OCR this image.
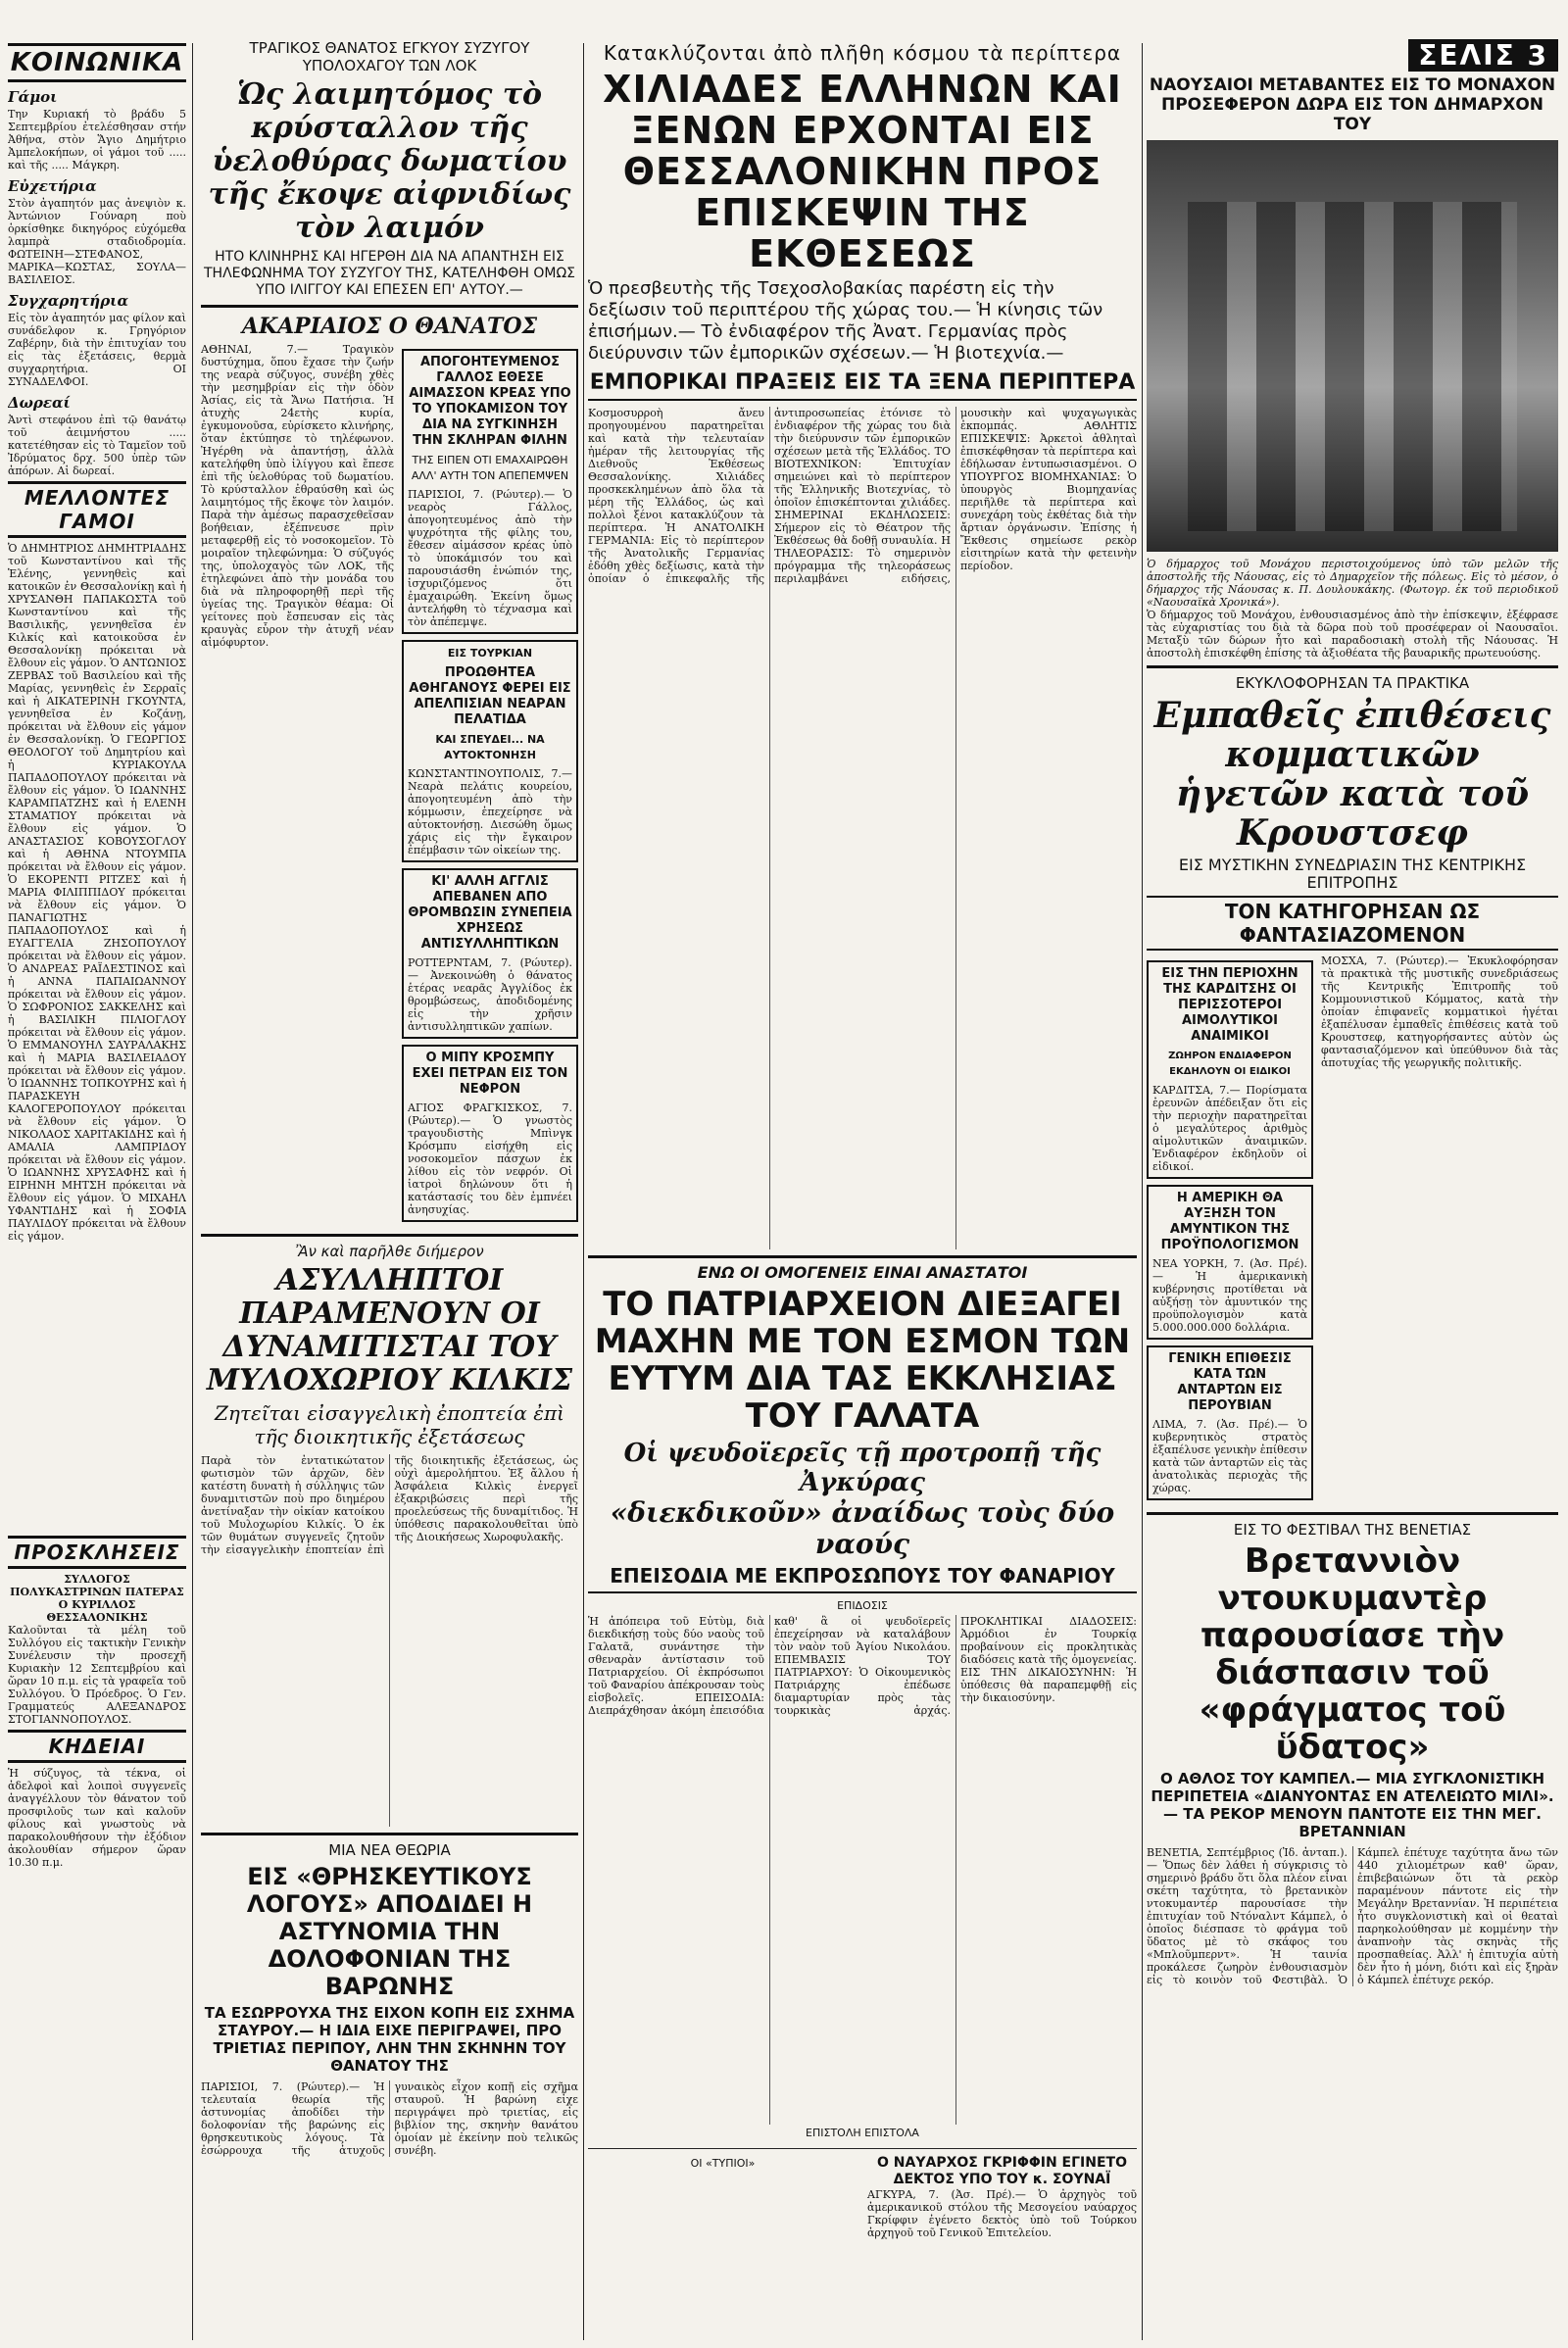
ΚΟΙΝΩΝΙΚΑ
Γάμοι

Την Κυριακή τὸ βράδυ 5 Σεπτεμβρίου ἐτελέσθησαν στήν Ἀθήνα, στὸν Ἅγιο Δημήτριο Ἀμπελοκήπων, οἱ γάμοι τοῦ ..... καὶ τῆς ..... Μάγκρη.

Εὐχετήρια

Στὸν ἀγαπητόν μας ἀνεψιὸν κ. Ἀντώνιον Γούναρη ποὺ ὁρκίσθηκε δικηγόρος εὐχόμεθα λαμπρὰ σταδιοδρομία. ΦΩΤΕΙΝΗ—ΣΤΕΦΑΝΟΣ, ΜΑΡΙΚΑ—ΚΩΣΤΑΣ, ΣΟΥΛΑ—ΒΑΣΙΛΕΙΟΣ.

Συγχαρητήρια

Εἰς τὸν ἀγαπητόν μας φίλον καὶ συνάδελφον κ. Γρηγόριον Ζαβέρην, διὰ τὴν ἐπιτυχίαν του εἰς τὰς ἐξετάσεις, θερμὰ συγχαρητήρια. ΟΙ ΣΥΝΑΔΕΛΦΟΙ.

Δωρεαί

Ἀντὶ στεφάνου ἐπὶ τῷ θανάτῳ τοῦ ἀειμνήστου ..... κατετέθησαν εἰς τὸ Ταμεῖον τοῦ Ἰδρύματος δρχ. 500 ὑπὲρ τῶν ἀπόρων. Αἱ δωρεαί.

ΜΕΛΛΟΝΤΕΣ ΓΑΜΟΙ

Ὁ ΔΗΜΗΤΡΙΟΣ ΔΗΜΗΤΡΙΑΔΗΣ τοῦ Κωνσταντίνου καὶ τῆς Ἑλένης, γεννηθεὶς καὶ κατοικῶν ἐν Θεσσαλονίκῃ καὶ ἡ ΧΡΥΣΑΝΘΗ ΠΑΠΑΚΩΣΤΑ τοῦ Κωνσταντίνου καὶ τῆς Βασιλικῆς, γεννηθεῖσα ἐν Κιλκίς καὶ κατοικοῦσα ἐν Θεσσαλονίκῃ πρόκειται νὰ ἔλθουν εἰς γάμον. Ὁ ΑΝΤΩΝΙΟΣ ΖΕΡΒΑΣ τοῦ Βασιλείου καὶ τῆς Μαρίας, γεννηθεὶς ἐν Σερραῖς καὶ ἡ ΑΙΚΑΤΕΡΙΝΗ ΓΚΟΥΝΤΑ, γεννηθεῖσα ἐν Κοζάνῃ, πρόκειται νὰ ἔλθουν εἰς γάμον ἐν Θεσσαλονίκῃ. Ὁ ΓΕΩΡΓΙΟΣ ΘΕΟΛΟΓΟΥ τοῦ Δημητρίου καὶ ἡ ΚΥΡΙΑΚΟΥΛΑ ΠΑΠΑΔΟΠΟΥΛΟΥ πρόκειται νὰ ἔλθουν εἰς γάμον. Ὁ ΙΩΑΝΝΗΣ ΚΑΡΑΜΠΑΤΖΗΣ καὶ ἡ ΕΛΕΝΗ ΣΤΑΜΑΤΙΟΥ πρόκειται νὰ ἔλθουν εἰς γάμον. Ὁ ΑΝΑΣΤΑΣΙΟΣ ΚΟΒΟΥΣΟΓΛΟΥ καὶ ἡ ΑΘΗΝΑ ΝΤΟΥΜΠΑ πρόκειται νὰ ἔλθουν εἰς γάμον. Ὁ ΕΚΟΡΕΝΤΙ ΡΙΤΖΕΣ καὶ ἡ ΜΑΡΙΑ ΦΙΛΙΠΠΙΔΟΥ πρόκειται νὰ ἔλθουν εἰς γάμον. Ὁ ΠΑΝΑΓΙΩΤΗΣ ΠΑΠΑΔΟΠΟΥΛΟΣ καὶ ἡ ΕΥΑΓΓΕΛΙΑ ΖΗΣΟΠΟΥΛΟΥ πρόκειται νὰ ἔλθουν εἰς γάμον. Ὁ ΑΝΔΡΕΑΣ ΡΑΪΔΕΣΤΙΝΟΣ καὶ ἡ ΑΝΝΑ ΠΑΠΑΙΩΑΝΝΟΥ πρόκειται νὰ ἔλθουν εἰς γάμον. Ὁ ΣΩΦΡΟΝΙΟΣ ΣΑΚΚΕΛΗΣ καὶ ἡ ΒΑΣΙΛΙΚΗ ΠΙΛΙΟΓΛΟΥ πρόκειται νὰ ἔλθουν εἰς γάμον. Ὁ ΕΜΜΑΝΟΥΗΛ ΣΑΥΡΑΛΑΚΗΣ καὶ ἡ ΜΑΡΙΑ ΒΑΣΙΛΕΙΑΔΟΥ πρόκειται νὰ ἔλθουν εἰς γάμον. Ὁ ΙΩΑΝΝΗΣ ΤΟΠΚΟΥΡΗΣ καὶ ἡ ΠΑΡΑΣΚΕΥΗ ΚΑΛΟΓΕΡΟΠΟΥΛΟΥ πρόκειται νὰ ἔλθουν εἰς γάμον. Ὁ ΝΙΚΟΛΑΟΣ ΧΑΡΙΤΑΚΙΔΗΣ καὶ ἡ ΑΜΑΛΙΑ ΛΑΜΠΡΙΔΟΥ πρόκειται νὰ ἔλθουν εἰς γάμον. Ὁ ΙΩΑΝΝΗΣ ΧΡΥΣΑΦΗΣ καὶ ἡ ΕΙΡΗΝΗ ΜΗΤΣΗ πρόκειται νὰ ἔλθουν εἰς γάμον. Ὁ ΜΙΧΑΗΛ ΥΦΑΝΤΙΔΗΣ καὶ ἡ ΣΟΦΙΑ ΠΑΥΛΙΔΟΥ πρόκειται νὰ ἔλθουν εἰς γάμον.

ΠΡΟΣΚΛΗΣΕΙΣ

ΣΥΛΛΟΓΟΣ ΠΟΛΥΚΑΣΤΡΙΝΩΝ ΠΑΤΕΡΑΣ Ο ΚΥΡΙΛΛΟΣ ΘΕΣΣΑΛΟΝΙΚΗΣ

Καλοῦνται τὰ μέλη τοῦ Συλλόγου εἰς τακτικὴν Γενικὴν Συνέλευσιν τὴν προσεχῆ Κυριακὴν 12 Σεπτεμβρίου καὶ ὥραν 10 π.μ. εἰς τὰ γραφεῖα τοῦ Συλλόγου. Ὁ Πρόεδρος. Ὁ Γεν. Γραμματεύς ΑΛΕΞΑΝΔΡΟΣ ΣΤΟΓΙΑΝΝΟΠΟΥΛΟΣ.

ΚΗΔΕΙΑΙ

Ἡ σύζυγος, τὰ τέκνα, οἱ ἀδελφοὶ καὶ λοιποὶ συγγενεῖς ἀναγγέλλουν τὸν θάνατον τοῦ προσφιλοῦς των καὶ καλοῦν φίλους καὶ γνωστοὺς νὰ παρακολουθήσουν τὴν ἐξόδιον ἀκολουθίαν σήμερον ὥραν 10.30 π.μ.

ΤΡΑΓΙΚΟΣ ΘΑΝΑΤΟΣ ΕΓΚΥΟΥ ΣΥΖΥΓΟΥ ΥΠΟΛΟΧΑΓΟΥ ΤΩΝ ΛΟΚ
Ὡς λαιμητόμος τὸ κρύσταλλον τῆς ὑελοθύρας δωματίου τῆς ἔκοψε αἰφνιδίως τὸν λαιμόν

ΗΤΟ ΚΛΙΝΗΡΗΣ ΚΑΙ ΗΓΕΡΘΗ ΔΙΑ ΝΑ ΑΠΑΝΤΗΣΗ ΕΙΣ ΤΗΛΕΦΩΝΗΜΑ ΤΟΥ ΣΥΖΥΓΟΥ ΤΗΣ, ΚΑΤΕΛΗΦΘΗ ΟΜΩΣ ΥΠΟ ΙΛΙΓΓΟΥ ΚΑΙ ΕΠΕΣΕΝ ΕΠ' ΑΥΤΟΥ.—

ΑΚΑΡΙΑΙΟΣ Ο ΘΑΝΑΤΟΣ

ΑΘΗΝΑΙ, 7.— Τραγικὸν δυστύχημα, ὅπου ἔχασε τὴν ζωήν της νεαρὰ σύζυγος, συνέβη χθὲς τὴν μεσημβρίαν εἰς τὴν ὁδὸν Ἀσίας, εἰς τὰ Ἄνω Πατήσια. Ἡ ἀτυχὴς 24ετὴς κυρία, ἐγκυμονοῦσα, εὑρίσκετο κλινήρης, ὅταν ἐκτύπησε τὸ τηλέφωνον. Ἠγέρθη νὰ ἀπαντήσῃ, ἀλλὰ κατελήφθη ὑπὸ ἰλίγγου καὶ ἔπεσε ἐπὶ τῆς ὑελοθύρας τοῦ δωματίου. Τὸ κρύσταλλον ἐθραύσθη καὶ ὡς λαιμητόμος τῆς ἔκοψε τὸν λαιμόν. Παρὰ τὴν ἀμέσως παρασχεθεῖσαν βοήθειαν, ἐξέπνευσε πρὶν μεταφερθῇ εἰς τὸ νοσοκομεῖον. Τὸ μοιραῖον τηλεφώνημα: Ὁ σύζυγός της, ὑπολοχαγὸς τῶν ΛΟΚ, τῆς ἐτηλεφώνει ἀπὸ τὴν μονάδα του διὰ νὰ πληροφορηθῇ περὶ τῆς ὑγείας της. Τραγικὸν θέαμα: Οἱ γείτονες ποὺ ἔσπευσαν εἰς τὰς κραυγὰς εὗρον τὴν ἀτυχῆ νέαν αἱμόφυρτον.

ΑΠΟΓΟΗΤΕΥΜΕΝΟΣ ΓΑΛΛΟΣ ΕΘΕΣΕ ΑΙΜΑΣΣΟΝ ΚΡΕΑΣ ΥΠΟ ΤΟ ΥΠΟΚΑΜΙΣΟΝ ΤΟΥ ΔΙΑ ΝΑ ΣΥΓΚΙΝΗΣΗ ΤΗΝ ΣΚΛΗΡΑΝ ΦΙΛΗΝ
ΤΗΣ ΕΙΠΕΝ ΟΤΙ ΕΜΑΧΑΙΡΩΘΗ ΑΛΛ' ΑΥΤΗ ΤΟΝ ΑΠΕΠΕΜΨΕΝ

ΠΑΡΙΣΙΟΙ, 7. (Ρώυτερ).— Ὁ νεαρὸς Γάλλος, ἀπογοητευμένος ἀπὸ τὴν ψυχρότητα τῆς φίλης του, ἔθεσεν αἱμάσσον κρέας ὑπὸ τὸ ὑποκάμισόν του καὶ παρουσιάσθη ἐνώπιόν της, ἰσχυριζόμενος ὅτι ἐμαχαιρώθη. Ἐκείνη ὅμως ἀντελήφθη τὸ τέχνασμα καὶ τὸν ἀπέπεμψε.

ΕΙΣ ΤΟΥΡΚΙΑΝ
ΠΡΟΩΘΗΤΕΑ ΑΘΗΓΑΝΟΥΣ ΦΕΡΕΙ ΕΙΣ ΑΠΕΛΠΙΣΙΑΝ ΝΕΑΡΑΝ ΠΕΛΑΤΙΔΑ
ΚΑΙ ΣΠΕΥΔΕΙ... ΝΑ ΑΥΤΟΚΤΟΝΗΣΗ

ΚΩΝΣΤΑΝΤΙΝΟΥΠΟΛΙΣ, 7.— Νεαρὰ πελάτις κουρείου, ἀπογοητευμένη ἀπὸ τὴν κόμμωσιν, ἐπεχείρησε νὰ αὐτοκτονήσῃ. Διεσώθη ὅμως χάρις εἰς τὴν ἔγκαιρον ἐπέμβασιν τῶν οἰκείων της.

ΚΙ' ΑΛΛΗ ΑΓΓΛΙΣ ΑΠΕΒΑΝΕΝ ΑΠΟ ΘΡΟΜΒΩΣΙΝ ΣΥΝΕΠΕΙΑ ΧΡΗΣΕΩΣ ΑΝΤΙΣΥΛΛΗΠΤΙΚΩΝ

ΡΟΤΤΕΡΝΤΑΜ, 7. (Ρώυτερ).— Ἀνεκοινώθη ὁ θάνατος ἑτέρας νεαρᾶς Ἀγγλίδος ἐκ θρομβώσεως, ἀποδιδομένης εἰς τὴν χρῆσιν ἀντισυλληπτικῶν χαπίων.

Ο ΜΙΠΥ ΚΡΟΣΜΠΥ ΕΧΕΙ ΠΕΤΡΑΝ ΕΙΣ ΤΟΝ ΝΕΦΡΟΝ

ΑΓΙΟΣ ΦΡΑΓΚΙΣΚΟΣ, 7. (Ρώυτερ).— Ὁ γνωστὸς τραγουδιστὴς Μπὶνγκ Κρόσμπυ εἰσήχθη εἰς νοσοκομεῖον πάσχων ἐκ λίθου εἰς τὸν νεφρόν. Οἱ ἰατροὶ δηλώνουν ὅτι ἡ κατάστασίς του δὲν ἐμπνέει ἀνησυχίας.

Ἂν καὶ παρῆλθε διήμερον
ΑΣΥΛΛΗΠΤΟΙ ΠΑΡΑΜΕΝΟΥΝ ΟΙ ΔΥΝΑΜΙΤΙΣΤΑΙ ΤΟΥ ΜΥΛΟΧΩΡΙΟΥ ΚΙΛΚΙΣ
Ζητεῖται εἰσαγγελικὴ ἐποπτεία ἐπὶ τῆς διοικητικῆς ἐξετάσεως

Παρὰ τὸν ἐντατικώτατον φωτισμὸν τῶν ἀρχῶν, δὲν κατέστη δυνατὴ ἡ σύλληψις τῶν δυναμιτιστῶν ποὺ προ διημέρου ἀνετίναξαν τὴν οἰκίαν κατοίκου τοῦ Μυλοχωρίου Κιλκίς. Ὁ ἐκ τῶν θυμάτων συγγενεῖς ζητοῦν τὴν εἰσαγγελικὴν ἐποπτείαν ἐπὶ τῆς διοικητικῆς ἐξετάσεως, ὡς οὐχὶ ἀμερολήπτου. Ἐξ ἄλλου ἡ Ἀσφάλεια Κιλκὶς ἐνεργεῖ ἐξακριβώσεις περὶ τῆς προελεύσεως τῆς δυναμίτιδος. Ἡ ὑπόθεσις παρακολουθεῖται ὑπὸ τῆς Διοικήσεως Χωροφυλακῆς.

ΜΙΑ ΝΕΑ ΘΕΩΡΙΑ
ΕΙΣ «ΘΡΗΣΚΕΥΤΙΚΟΥΣ ΛΟΓΟΥΣ» ΑΠΟΔΙΔΕΙ Η ΑΣΤΥΝΟΜΙΑ ΤΗΝ ΔΟΛΟΦΟΝΙΑΝ ΤΗΣ ΒΑΡΩΝΗΣ

ΤΑ ΕΣΩΡΡΟΥΧΑ ΤΗΣ ΕΙΧΟΝ ΚΟΠΗ ΕΙΣ ΣΧΗΜΑ ΣΤΑΥΡΟΥ.— Η ΙΔΙΑ ΕΙΧΕ ΠΕΡΙΓΡΑΨΕΙ, ΠΡΟ ΤΡΙΕΤΙΑΣ ΠΕΡΙΠΟΥ, ΛΗΝ ΤΗΝ ΣΚΗΝΗΝ ΤΟΥ ΘΑΝΑΤΟΥ ΤΗΣ

ΠΑΡΙΣΙΟΙ, 7. (Ρώυτερ).— Ἡ τελευταία θεωρία τῆς ἀστυνομίας ἀποδίδει τὴν δολοφονίαν τῆς βαρώνης εἰς θρησκευτικοὺς λόγους. Τὰ ἐσώρρουχα τῆς ἀτυχοῦς γυναικὸς εἶχον κοπῇ εἰς σχῆμα σταυροῦ. Ἡ βαρώνη εἶχε περιγράψει πρὸ τριετίας, εἰς βιβλίον της, σκηνὴν θανάτου ὁμοίαν μὲ ἐκείνην ποὺ τελικῶς συνέβη.

Κατακλύζονται ἀπὸ πλῆθη κόσμου τὰ περίπτερα
ΧΙΛΙΑΔΕΣ ΕΛΛΗΝΩΝ ΚΑΙ ΞΕΝΩΝ ΕΡΧΟΝΤΑΙ ΕΙΣ ΘΕΣΣΑΛΟΝΙΚΗΝ ΠΡΟΣ ΕΠΙΣΚΕΨΙΝ ΤΗΣ ΕΚΘΕΣΕΩΣ

Ὁ πρεσβευτὴς τῆς Τσεχοσλοβακίας παρέστη εἰς τὴν δεξίωσιν τοῦ περιπτέρου τῆς χώρας του.— Ἡ κίνησις τῶν ἐπισήμων.— Τὸ ἐνδιαφέρον τῆς Ἀνατ. Γερμανίας πρὸς διεύρυνσιν τῶν ἐμπορικῶν σχέσεων.— Ἡ βιοτεχνία.—

ΕΜΠΟΡΙΚΑΙ ΠΡΑΞΕΙΣ ΕΙΣ ΤΑ ΞΕΝΑ ΠΕΡΙΠΤΕΡΑ

Κοσμοσυρροὴ ἄνευ προηγουμένου παρατηρεῖται καὶ κατὰ τὴν τελευταίαν ἡμέραν τῆς λειτουργίας τῆς Διεθνοῦς Ἐκθέσεως Θεσσαλονίκης. Χιλιάδες προσκεκλημένων ἀπὸ ὅλα τὰ μέρη τῆς Ἑλλάδος, ὡς καὶ πολλοὶ ξένοι κατακλύζουν τὰ περίπτερα. Ἡ ΑΝΑΤΟΛΙΚΗ ΓΕΡΜΑΝΙΑ: Εἰς τὸ περίπτερον τῆς Ἀνατολικῆς Γερμανίας ἐδόθη χθὲς δεξίωσις, κατὰ τὴν ὁποίαν ὁ ἐπικεφαλῆς τῆς ἀντιπροσωπείας ἐτόνισε τὸ ἐνδιαφέρον τῆς χώρας του διὰ τὴν διεύρυνσιν τῶν ἐμπορικῶν σχέσεων μετὰ τῆς Ἑλλάδος. ΤΟ ΒΙΟΤΕΧΝΙΚΟΝ: Ἐπιτυχίαν σημειώνει καὶ τὸ περίπτερον τῆς Ἑλληνικῆς Βιοτεχνίας, τὸ ὁποῖον ἐπισκέπτονται χιλιάδες. ΣΗΜΕΡΙΝΑΙ ΕΚΔΗΛΩΣΕΙΣ: Σήμερον εἰς τὸ Θέατρον τῆς Ἐκθέσεως θὰ δοθῇ συναυλία. Η ΤΗΛΕΟΡΑΣΙΣ: Τὸ σημερινὸν πρόγραμμα τῆς τηλεοράσεως περιλαμβάνει ειδήσεις, μουσικὴν καὶ ψυχαγωγικὰς ἐκπομπάς. ΑΘΛΗΤΙΣ ΕΠΙΣΚΕΨΙΣ: Ἀρκετοὶ ἀθληταὶ ἐπισκέφθησαν τὰ περίπτερα καὶ ἐδήλωσαν ἐντυπωσιασμένοι. Ο ΥΠΟΥΡΓΟΣ ΒΙΟΜΗΧΑΝΙΑΣ: Ὁ ὑπουργὸς Βιομηχανίας περιῆλθε τὰ περίπτερα καὶ συνεχάρη τοὺς ἐκθέτας διὰ τὴν ἄρτιαν ὀργάνωσιν. Ἐπίσης ἡ Ἔκθεσις σημείωσε ρεκὸρ εἰσιτηρίων κατὰ τὴν φετεινὴν περίοδον.

ΕΝΩ ΟΙ ΟΜΟΓΕΝΕΙΣ ΕΙΝΑΙ ΑΝΑΣΤΑΤΟΙ
ΤΟ ΠΑΤΡΙΑΡΧΕΙΟΝ ΔΙΕΞΑΓΕΙ ΜΑΧΗΝ ΜΕ ΤΟΝ ΕΣΜΟΝ ΤΩΝ ΕΥΤΥΜ ΔΙΑ ΤΑΣ ΕΚΚΛΗΣΙΑΣ ΤΟΥ ΓΑΛΑΤΑ
Οἱ ψευδοϊερεῖς τῇ προτροπῇ τῆς Ἀγκύρας
«διεκδικοῦν» ἀναίδως τοὺς δύο ναούς
ΕΠΕΙΣΟΔΙΑ ΜΕ ΕΚΠΡΟΣΩΠΟΥΣ ΤΟΥ ΦΑΝΑΡΙΟΥ
ΕΠΙΔΟΣΙΣ

Ἡ ἀπόπειρα τοῦ Εὐτὺμ, διὰ διεκδικήσῃ τοὺς δύο ναοὺς τοῦ Γαλατᾶ, συνάντησε τὴν σθεναρὰν ἀντίστασιν τοῦ Πατριαρχείου. Οἱ ἐκπρόσωποι τοῦ Φαναρίου ἀπέκρουσαν τοὺς εἰσβολεῖς. ΕΠΕΙΣΟΔΙΑ: Διεπράχθησαν ἀκόμη ἐπεισόδια καθ' ἃ οἱ ψευδοϊερεῖς ἐπεχείρησαν νὰ καταλάβουν τὸν ναὸν τοῦ Ἁγίου Νικολάου. ΕΠΕΜΒΑΣΙΣ ΤΟΥ ΠΑΤΡΙΑΡΧΟΥ: Ὁ Οἰκουμενικὸς Πατριάρχης ἐπέδωσε διαμαρτυρίαν πρὸς τὰς τουρκικὰς ἀρχάς. ΠΡΟΚΛΗΤΙΚΑΙ ΔΙΑΔΟΣΕΙΣ: Ἀρμόδιοι ἐν Τουρκίᾳ προβαίνουν εἰς προκλητικὰς διαδόσεις κατὰ τῆς ὁμογενείας. ΕΙΣ ΤΗΝ ΔΙΚΑΙΟΣΥΝΗΝ: Ἡ ὑπόθεσις θὰ παραπεμφθῇ εἰς τὴν δικαιοσύνην.

ΕΠΙΣΤΟΛΗ ΕΠΙΣΤΟΛΑ
ΟΙ «ΤΥΠΙΟΙ»	Ο ΝΑΥΑΡΧΟΣ ΓΚΡΙΦΦΙΝ ΕΓΙΝΕΤΟ ΔΕΚΤΟΣ ΥΠΟ ΤΟΥ κ. ΣΟΥΝΑΪ

ΑΓΚΥΡΑ, 7. (Ἀσ. Πρέ).— Ὁ ἀρχηγὸς τοῦ ἀμερικανικοῦ στόλου τῆς Μεσογείου ναύαρχος Γκρίφφιν ἐγένετο δεκτὸς ὑπὸ τοῦ Τούρκου ἀρχηγοῦ τοῦ Γενικοῦ Ἐπιτελείου.

ΣΕΛΙΣ 3
ΝΑΟΥΣΑΙΟΙ ΜΕΤΑΒΑΝΤΕΣ ΕΙΣ ΤΟ ΜΟΝΑΧΟΝ ΠΡΟΣΕΦΕΡΟΝ ΔΩΡΑ ΕΙΣ ΤΟΝ ΔΗΜΑΡΧΟΝ ΤΟΥ

Ὁ δήμαρχος τοῦ Μονάχου περιστοιχούμενος ὑπὸ τῶν μελῶν τῆς ἀποστολῆς τῆς Νάουσας, εἰς τὸ Δημαρχεῖον τῆς πόλεως. Εἰς τὸ μέσον, ὁ δήμαρχος τῆς Νάουσας κ. Π. Δουλουκάκης. (Φωτογρ. ἐκ τοῦ περιοδικοῦ «Ναουσαϊκὰ Χρονικά»).

Ὁ δήμαρχος τοῦ Μονάχου, ἐνθουσιασμένος ἀπὸ τὴν ἐπίσκεψιν, ἐξέφρασε τὰς εὐχαριστίας του διὰ τὰ δῶρα ποὺ τοῦ προσέφεραν οἱ Ναουσαῖοι. Μεταξὺ τῶν δώρων ἦτο καὶ παραδοσιακὴ στολὴ τῆς Νάουσας. Ἡ ἀποστολὴ ἐπισκέφθη ἐπίσης τὰ ἀξιοθέατα τῆς βαυαρικῆς πρωτευούσης.

ΕΚΥΚΛΟΦΟΡΗΣΑΝ ΤΑ ΠΡΑΚΤΙΚΑ
Εμπαθεῖς ἐπιθέσεις κομματικῶν ἡγετῶν κατὰ τοῦ Κρουστσεφ
ΕΙΣ ΜΥΣΤΙΚΗΝ ΣΥΝΕΔΡΙΑΣΙΝ ΤΗΣ ΚΕΝΤΡΙΚΗΣ ΕΠΙΤΡΟΠΗΣ
ΤΟΝ ΚΑΤΗΓΟΡΗΣΑΝ ΩΣ ΦΑΝΤΑΣΙΑΖΟΜΕΝΟΝ
ΕΙΣ ΤΗΝ ΠΕΡΙΟΧΗΝ ΤΗΣ ΚΑΡΔΙΤΣΗΣ ΟΙ ΠΕΡΙΣΣΟΤΕΡΟΙ ΑΙΜΟΛΥΤΙΚΟΙ ΑΝΑΙΜΙΚΟΙ
ΖΩΗΡΟΝ ΕΝΔΙΑΦΕΡΟΝ ΕΚΔΗΛΟΥΝ ΟΙ ΕΙΔΙΚΟΙ

ΚΑΡΔΙΤΣΑ, 7.— Πορίσματα ἐρευνῶν ἀπέδειξαν ὅτι εἰς τὴν περιοχὴν παρατηρεῖται ὁ μεγαλύτερος ἀριθμὸς αἱμολυτικῶν ἀναιμικῶν. Ἐνδιαφέρον ἐκδηλοῦν οἱ εἰδικοί.

Η ΑΜΕΡΙΚΗ ΘΑ ΑΥΞΗΣΗ ΤΟΝ ΑΜΥΝΤΙΚΟΝ ΤΗΣ ΠΡΟΫΠΟΛΟΓΙΣΜΟΝ

ΝΕΑ ΥΟΡΚΗ, 7. (Ἀσ. Πρέ).— Ἡ ἀμερικανικὴ κυβέρνησις προτίθεται νὰ αὐξήσῃ τὸν ἀμυντικόν της προϋπολογισμὸν κατὰ 5.000.000.000 δολλάρια.

ΓΕΝΙΚΗ ΕΠΙΘΕΣΙΣ ΚΑΤΑ ΤΩΝ ΑΝΤΑΡΤΩΝ ΕΙΣ ΠΕΡΟΥΒΙΑΝ

ΛΙΜΑ, 7. (Ἀσ. Πρέ).— Ὁ κυβερνητικὸς στρατὸς ἐξαπέλυσε γενικὴν ἐπίθεσιν κατὰ τῶν ἀνταρτῶν εἰς τὰς ἀνατολικὰς περιοχὰς τῆς χώρας.

ΜΟΣΧΑ, 7. (Ρώυτερ).— Ἐκυκλοφόρησαν τὰ πρακτικὰ τῆς μυστικῆς συνεδριάσεως τῆς Κεντρικῆς Ἐπιτροπῆς τοῦ Κομμουνιστικοῦ Κόμματος, κατὰ τὴν ὁποίαν ἐπιφανεῖς κομματικοὶ ἡγέται ἐξαπέλυσαν ἐμπαθεῖς ἐπιθέσεις κατὰ τοῦ Κρουστσεφ, κατηγορήσαντες αὐτὸν ὡς φαντασιαζόμενον καὶ ὑπεύθυνον διὰ τὰς ἀποτυχίας τῆς γεωργικῆς πολιτικῆς.

ΕΙΣ ΤΟ ΦΕΣΤΙΒΑΛ ΤΗΣ ΒΕΝΕΤΙΑΣ
Βρεταννιὸν ντουκυμαντὲρ παρουσίασε τὴν διάσπασιν τοῦ «φράγματος τοῦ ὕδατος»

Ο ΑΘΛΟΣ ΤΟΥ ΚΑΜΠΕΛ.— ΜΙΑ ΣΥΓΚΛΟΝΙΣΤΙΚΗ ΠΕΡΙΠΕΤΕΙΑ «ΔΙΑΝΥΟΝΤΑΣ ΕΝ ΑΤΕΛΕΙΩΤΟ ΜΙΛΙ».— ΤΑ ΡΕΚΟΡ ΜΕΝΟΥΝ ΠΑΝΤΟΤΕ ΕΙΣ ΤΗΝ ΜΕΓ. ΒΡΕΤΑΝΝΙΑΝ

ΒΕΝΕΤΙΑ, Σεπτέμβριος (Ἰδ. ἀνταπ.).— Ὅπως δὲν λάθει ἡ σύγκρισις τὸ σημερινὸ βράδυ ὅτι ὅλα πλέον εἶναι σκέτη ταχύτητα, τὸ βρετανικὸν ντοκυμαντέρ παρουσίασε τὴν ἐπιτυχίαν τοῦ Ντόναλντ Κάμπελ, ὁ ὁποῖος διέσπασε τὸ φράγμα τοῦ ὕδατος μὲ τὸ σκάφος του «Μπλοῦμπερντ». Ἡ ταινία προκάλεσε ζωηρὸν ἐνθουσιασμὸν εἰς τὸ κοινὸν τοῦ Φεστιβὰλ. Ὁ Κάμπελ ἐπέτυχε ταχύτητα ἄνω τῶν 440 χιλιομέτρων καθ' ὥραν, ἐπιβεβαιώνων ὅτι τὰ ρεκὸρ παραμένουν πάντοτε εἰς τὴν Μεγάλην Βρεταννίαν. Ἡ περιπέτεια ἦτο συγκλονιστικὴ καὶ οἱ θεαταὶ παρηκολούθησαν μὲ κομμένην τὴν ἀναπνοὴν τὰς σκηνὰς τῆς προσπαθείας. Ἀλλ' ἡ ἐπιτυχία αὐτὴ δὲν ἦτο ἡ μόνη, διότι καὶ εἰς ξηρὰν ὁ Κάμπελ ἐπέτυχε ρεκόρ.
